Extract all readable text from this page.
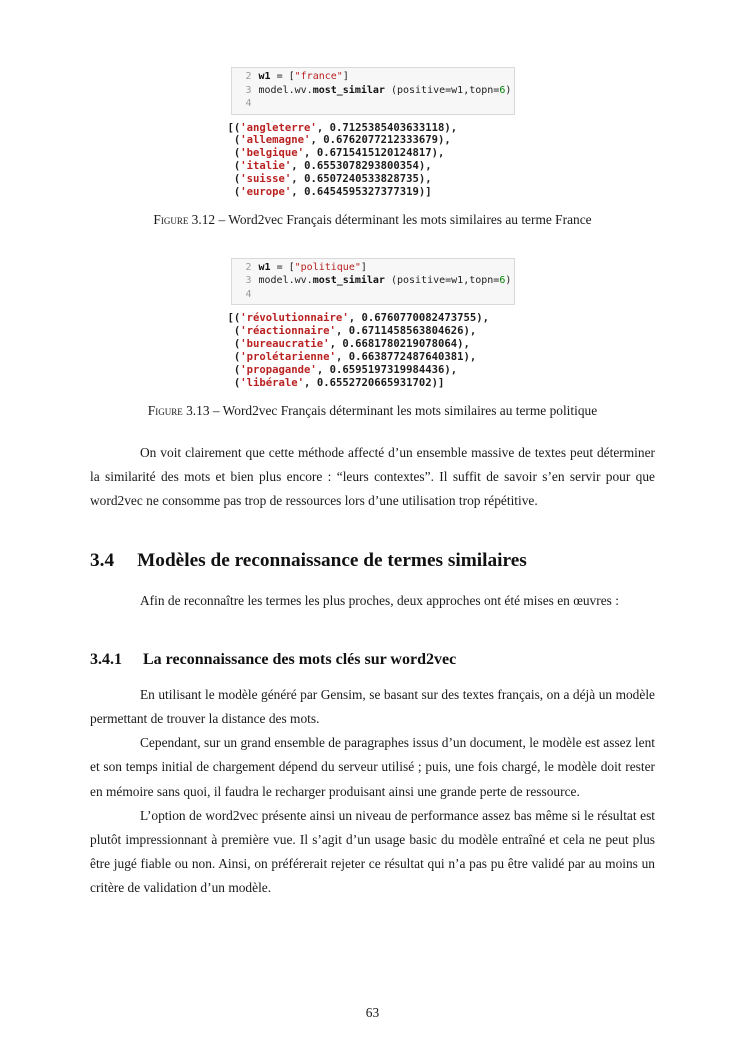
2 w1 = ["france"]
3 model.wv.most_similar (positive=w1,topn=6)
4

[('angleterre', 0.7125385403633118),
('allemagne', 0.6762077212333679),
('belgique', 0.6715415120124817),
('italie', 0.6553078293800354),
('suisse', 0.6507240533828735),
('europe', 0.6454595327377319)]
Figure 3.12 – Word2vec Français déterminant les mots similaires au terme France
2 w1 = ["politique"]
3 model.wv.most_similar (positive=w1,topn=6)
4

[('révolutionnaire', 0.6760770082473755),
('réactionnaire', 0.6711458563804626),
('bureaucratie', 0.6681780219078064),
('prolétarienne', 0.6638772487640381),
('propagande', 0.6595197319984436),
('libérale', 0.6552720665931702)]
Figure 3.13 – Word2vec Français déterminant les mots similaires au terme politique

On voit clairement que cette méthode affecté d’un ensemble massive de textes peut déterminer la similarité des mots et bien plus encore : “leurs contextes”. Il suffit de savoir s’en servir pour que word2vec ne consomme pas trop de ressources lors d’une utilisation trop répétitive.

3.4 Modèles de reconnaissance de termes similaires

Afin de reconnaître les termes les plus proches, deux approches ont été mises en œuvres :

3.4.1 La reconnaissance des mots clés sur word2vec

En utilisant le modèle généré par Gensim, se basant sur des textes français, on a déjà un modèle permettant de trouver la distance des mots.

Cependant, sur un grand ensemble de paragraphes issus d’un document, le modèle est assez lent et son temps initial de chargement dépend du serveur utilisé ; puis, une fois chargé, le modèle doit rester en mémoire sans quoi, il faudra le recharger produisant ainsi une grande perte de ressource.

L’option de word2vec présente ainsi un niveau de performance assez bas même si le résultat est plutôt impressionnant à première vue. Il s’agit d’un usage basic du modèle entraîné et cela ne peut plus être jugé fiable ou non. Ainsi, on préférerait rejeter ce résultat qui n’a pas pu être validé par au moins un critère de validation d’un modèle.

63
